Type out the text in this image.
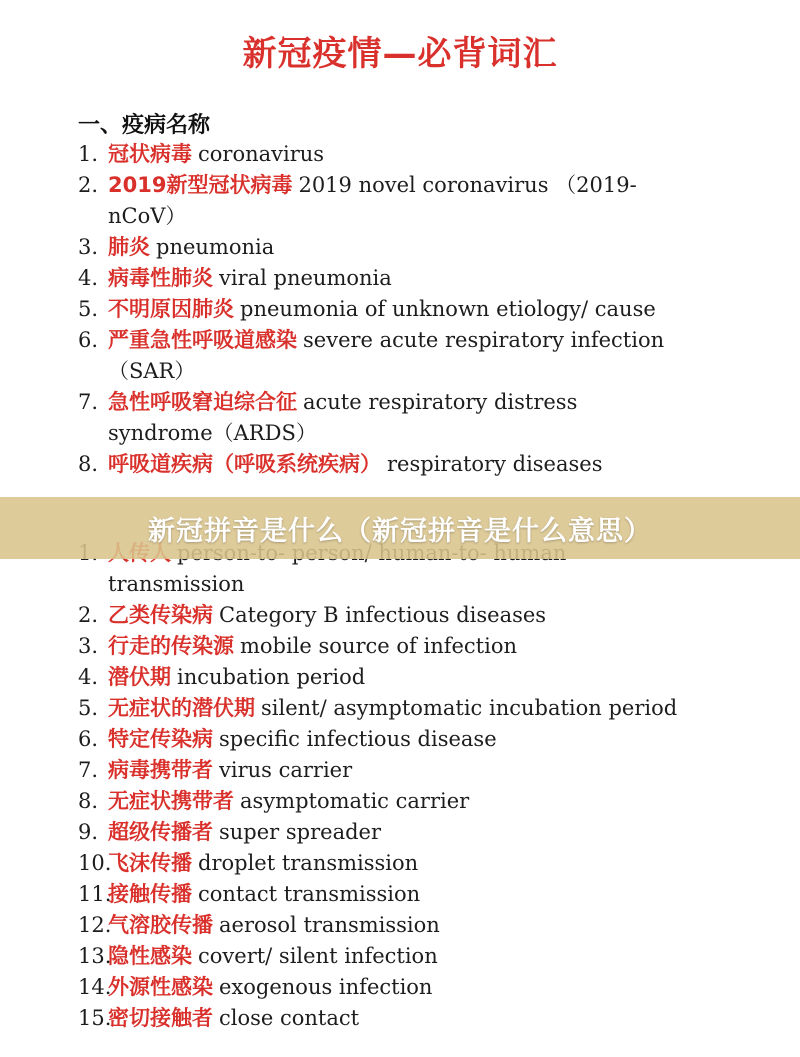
新冠疫情—必背词汇
一、疫病名称
1. 冠状病毒 coronavirus
2. 2019新型冠状病毒 2019 novel coronavirus （2019-nCoV）
3. 肺炎 pneumonia
4. 病毒性肺炎 viral pneumonia
5. 不明原因肺炎 pneumonia of unknown etiology/ cause
6. 严重急性呼吸道感染 severe acute respiratory infection（SAR）
7. 急性呼吸窘迫综合征 acute respiratory distress syndrome（ARDS）
8. 呼吸道疾病（呼吸系统疾病） respiratory diseases
transmission
2. 乙类传染病 Category B infectious diseases
3. 行走的传染源 mobile source of infection
4. 潜伏期 incubation period
5. 无症状的潜伏期 silent/ asymptomatic incubation period
6. 特定传染病 specific infectious disease
7. 病毒携带者 virus carrier
8. 无症状携带者 asymptomatic carrier
9. 超级传播者 super spreader
10.
飞沫传播 droplet transmission
11.
接触传播 contact transmission
12.
气溶胶传播 aerosol transmission
13.
隐性感染 covert/ silent infection
14.
外源性感染 exogenous infection
15.
密切接触者 close contact
新冠拼音是什么（新冠拼音是什么意思）
